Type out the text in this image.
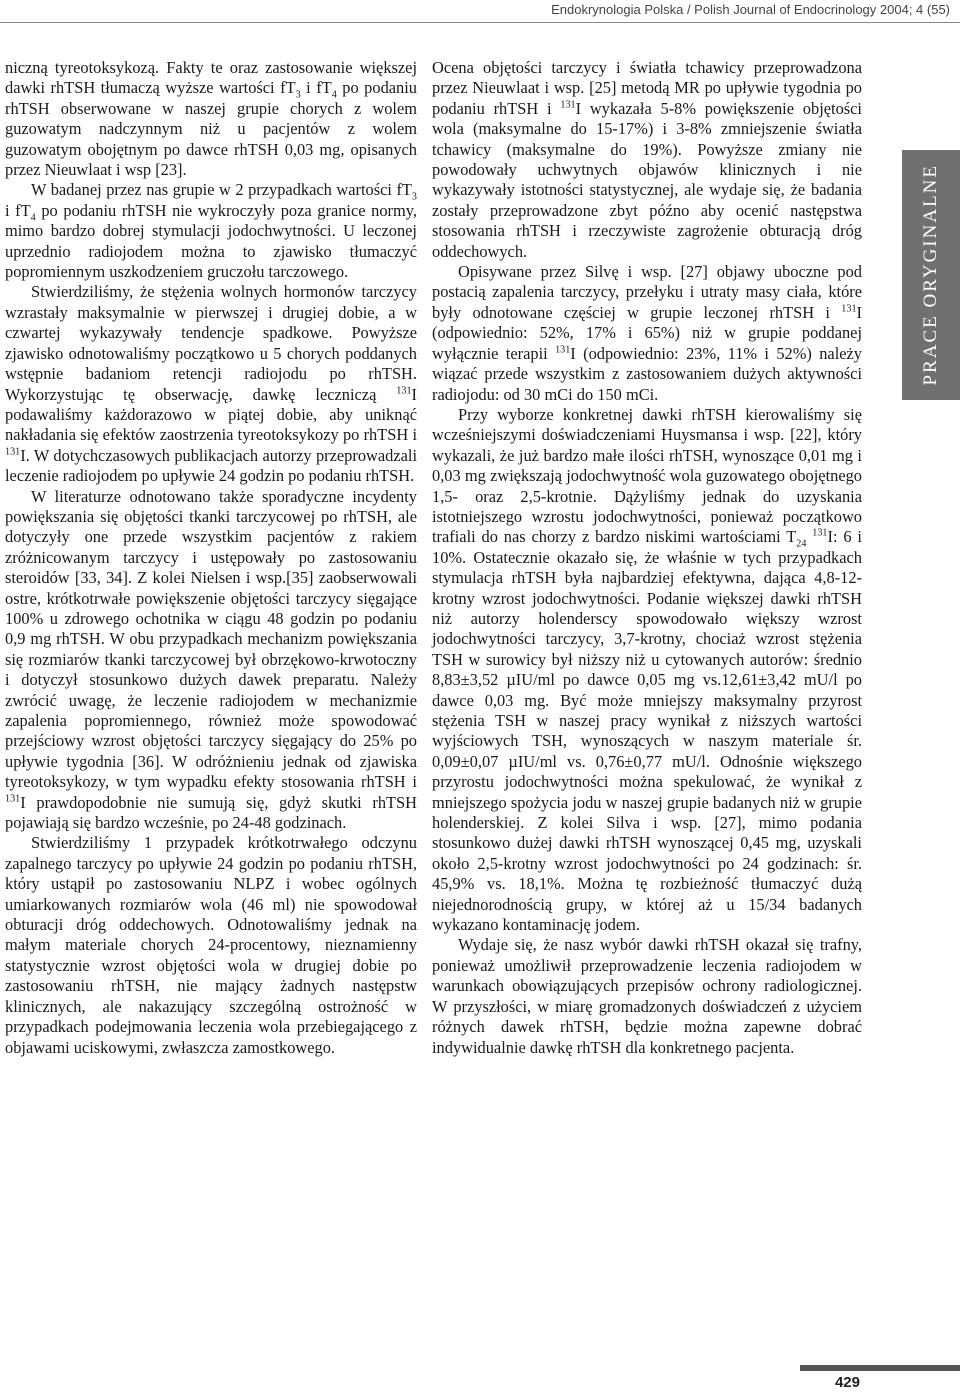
Endokrynologia Polska / Polish Journal of Endocrinology 2004; 4 (55)

niczną tyreotoksykozą. Fakty te oraz zastosowanie większej dawki rhTSH tłumaczą wyższe wartości $fT_3$ i $fT_4$ po podaniu rhTSH obserwowane w naszej grupie chorych z wolem guzowatym nadczynnym niż u pacjentów z wolem guzowatym obojętnym po dawce rhTSH 0,03 mg, opisanych przez Nieuwlaat i wsp [23].

W badanej przez nas grupie w 2 przypadkach wartości $fT_3$ i $fT_4$ po podaniu rhTSH nie wykroczyły poza granice normy, mimo bardzo dobrej stymulacji jodochwytności. U leczonej uprzednio radiojodem można to zjawisko tłumaczyć popromiennym uszkodzeniem gruczołu tarczowego.

Stwierdziliśmy, że stężenia wolnych hormonów tarczycy wzrastały maksymalnie w pierwszej i drugiej dobie, a w czwartej wykazywały tendencje spadkowe. Powyższe zjawisko odnotowaliśmy początkowo u 5 chorych poddanych wstępnie badaniom retencji radiojodu po rhTSH. Wykorzystując tę obserwację, dawkę leczniczą $^{131}$I podawaliśmy każdorazowo w piątej dobie, aby uniknąć nakładania się efektów zaostrzenia tyreotoksykozy po rhTSH i $^{131}$I. W dotychczasowych publikacjach autorzy przeprowadzali leczenie radiojodem po upływie 24 godzin po podaniu rhTSH.

W literaturze odnotowano także sporadyczne incydenty powiększania się objętości tkanki tarczycowej po rhTSH, ale dotyczyły one przede wszystkim pacjentów z rakiem zróżnicowanym tarczycy i ustępowały po zastosowaniu steroidów [33, 34]. Z kolei Nielsen i wsp.[35] zaobserwowali ostre, krótkotrwałe powiększenie objętości tarczycy sięgające 100% u zdrowego ochotnika w ciągu 48 godzin po podaniu 0,9 mg rhTSH. W obu przypadkach mechanizm powiększania się rozmiarów tkanki tarczycowej był obrzękowo-krwotoczny i dotyczył stosunkowo dużych dawek preparatu. Należy zwrócić uwagę, że leczenie radiojodem w mechanizmie zapalenia popromiennego, również może spowodować przejściowy wzrost objętości tarczycy sięgający do 25% po upływie tygodnia [36]. W odróżnieniu jednak od zjawiska tyreotoksykozy, w tym wypadku efekty stosowania rhTSH i $^{131}$I prawdopodobnie nie sumują się, gdyż skutki rhTSH pojawiają się bardzo wcześnie, po 24-48 godzinach.

Stwierdziliśmy 1 przypadek krótkotrwałego odczynu zapalnego tarczycy po upływie 24 godzin po podaniu rhTSH, który ustąpił po zastosowaniu NLPZ i wobec ogólnych umiarkowanych rozmiarów wola (46 ml) nie spowodował obturacji dróg oddechowych. Odnotowaliśmy jednak na małym materiale chorych 24-procentowy, nieznamienny statystycznie wzrost objętości wola w drugiej dobie po zastosowaniu rhTSH, nie mający żadnych następstw klinicznych, ale nakazujący szczególną ostrożność w przypadkach podejmowania leczenia wola przebiegającego z objawami uciskowymi, zwłaszcza zamostkowego.

Ocena objętości tarczycy i światła tchawicy przeprowadzona przez Nieuwlaat i wsp. [25] metodą MR po upływie tygodnia po podaniu rhTSH i $^{131}$I wykazała 5-8% powiększenie objętości wola (maksymalne do 15-17%) i 3-8% zmniejszenie światła tchawicy (maksymalne do 19%). Powyższe zmiany nie powodowały uchwytnych objawów klinicznych i nie wykazywały istotności statystycznej, ale wydaje się, że badania zostały przeprowadzone zbyt późno aby ocenić następstwa stosowania rhTSH i rzeczywiste zagrożenie obturacją dróg oddechowych.

Opisywane przez Silvę i wsp. [27] objawy uboczne pod postacią zapalenia tarczycy, przełyku i utraty masy ciała, które były odnotowane częściej w grupie leczonej rhTSH i $^{131}$I (odpowiednio: 52%, 17% i 65%) niż w grupie poddanej wyłącznie terapii $^{131}$I (odpowiednio: 23%, 11% i 52%) należy wiązać przede wszystkim z zastosowaniem dużych aktywności radiojodu: od 30 mCi do 150 mCi.

Przy wyborze konkretnej dawki rhTSH kierowaliśmy się wcześniejszymi doświadczeniami Huysmansa i wsp. [22], który wykazali, że już bardzo małe ilości rhTSH, wynoszące 0,01 mg i 0,03 mg zwiększają jodochwytność wola guzowatego obojętnego 1,5- oraz 2,5-krotnie. Dążyliśmy jednak do uzyskania istotniejszego wzrostu jodochwytności, ponieważ początkowo trafiali do nas chorzy z bardzo niskimi wartościami $T_{24}$ $^{131}$I: 6 i 10%. Ostatecznie okazało się, że właśnie w tych przypadkach stymulacja rhTSH była najbardziej efektywna, dająca 4,8-12-krotny wzrost jodochwytności. Podanie większej dawki rhTSH niż autorzy holenderscy spowodowało większy wzrost jodochwytności tarczycy, 3,7-krotny, chociaż wzrost stężenia TSH w surowicy był niższy niż u cytowanych autorów: średnio 8,83±3,52 µIU/ml po dawce 0,05 mg vs.12,61±3,42 mU/l po dawce 0,03 mg. Być może mniejszy maksymalny przyrost stężenia TSH w naszej pracy wynikał z niższych wartości wyjściowych TSH, wynoszących w naszym materiale śr. 0,09±0,07 µIU/ml vs. 0,76±0,77 mU/l. Odnośnie większego przyrostu jodochwytności można spekulować, że wynikał z mniejszego spożycia jodu w naszej grupie badanych niż w grupie holenderskiej. Z kolei Silva i wsp. [27], mimo podania stosunkowo dużej dawki rhTSH wynoszącej 0,45 mg, uzyskali około 2,5-krotny wzrost jodochwytności po 24 godzinach: śr. 45,9% vs. 18,1%. Można tę rozbieżność tłumaczyć dużą niejednorodnością grupy, w której aż u 15/34 badanych wykazano kontaminację jodem.

Wydaje się, że nasz wybór dawki rhTSH okazał się trafny, ponieważ umożliwił przeprowadzenie leczenia radiojodem w warunkach obowiązujących przepisów ochrony radiologicznej. W przyszłości, w miarę gromadzonych doświadczeń z użyciem różnych dawek rhTSH, będzie można zapewne dobrać indywidualnie dawkę rhTSH dla konkretnego pacjenta.

PRACE ORYGINALNE
429
